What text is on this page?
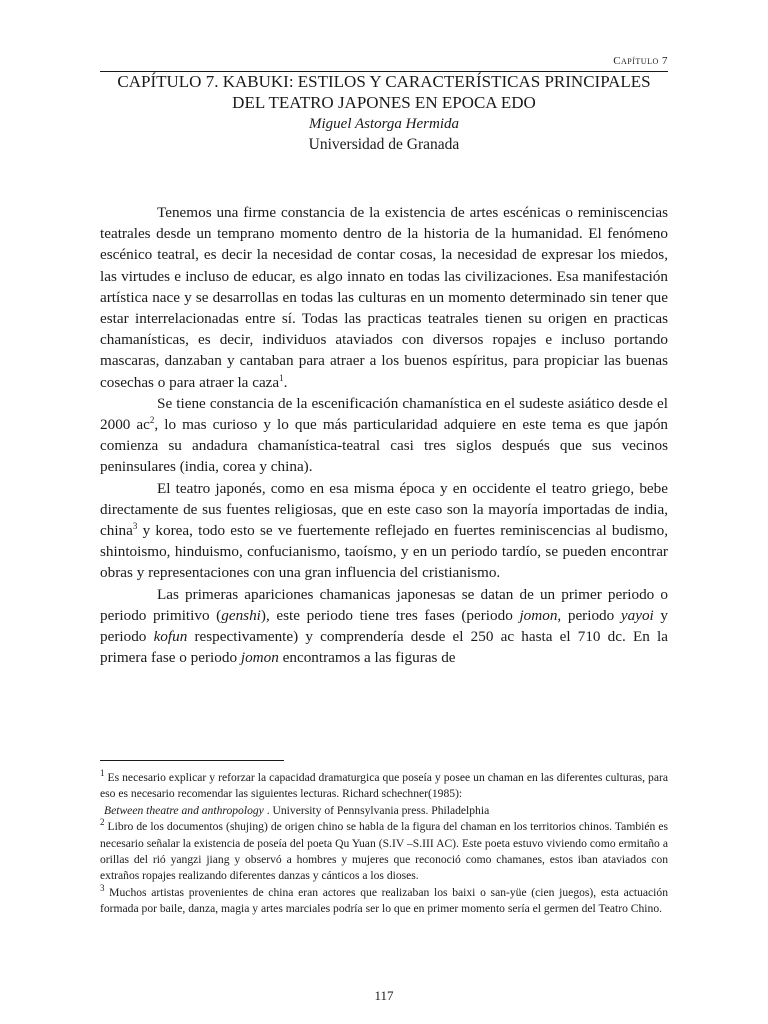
Capítulo 7
CAPÍTULO 7. KABUKI: ESTILOS Y CARACTERÍSTICAS PRINCIPALES
DEL TEATRO JAPONES EN EPOCA EDO
Miguel Astorga Hermida
Universidad de Granada

Tenemos una firme constancia de la existencia de artes escénicas o reminiscencias teatrales desde un temprano momento dentro de la historia de la humanidad. El fenómeno escénico teatral, es decir la necesidad de contar cosas, la necesidad de expresar los miedos, las virtudes e incluso de educar, es algo innato en todas las civilizaciones. Esa manifestación artística nace y se desarrollas en todas las culturas en un momento determinado sin tener que estar interrelacionadas entre sí. Todas las practicas teatrales tienen su origen en practicas chamanísticas, es decir, individuos ataviados con diversos ropajes e incluso portando mascaras, danzaban y cantaban para atraer a los buenos espíritus, para propiciar las buenas cosechas o para atraer la caza$^1$.

Se tiene constancia de la escenificación chamanística en el sudeste asiático desde el 2000 $ac^2$, lo mas curioso y lo que más particularidad adquiere en este tema es que japón comienza su andadura chamanística-teatral casi tres siglos después que sus vecinos peninsulares (india, corea y china).

El teatro japonés, como en esa misma época y en occidente el teatro griego, bebe directamente de sus fuentes religiosas, que en este caso son la mayoría importadas de india, china$^3$ y korea, todo esto se ve fuertemente reflejado en fuertes reminiscencias al budismo, shintoismo, hinduismo, confucianismo, taoísmo, y en un periodo tardío, se pueden encontrar obras y representaciones con una gran influencia del cristianismo.

Las primeras apariciones chamanicas japonesas se datan de un primer periodo o periodo primitivo (genshi), este periodo tiene tres fases (periodo jomon, periodo yayoi y periodo kofun respectivamente) y comprendería desde el 250 ac hasta el 710 dc. En la primera fase o periodo jomon encontramos a las figuras de

$^1$ Es necesario explicar y reforzar la capacidad dramaturgica que poseía y posee un chaman en las diferentes culturas, para eso es necesario recomendar las siguientes lecturas. Richard schechner(1985):

Between theatre and anthropology . University of Pennsylvania press. Philadelphia

$^2$ Libro de los documentos (shujing) de origen chino se habla de la figura del chaman en los territorios chinos. También es necesario señalar la existencia de poseía del poeta Qu Yuan (S.IV –S.III AC). Este poeta estuvo viviendo como ermitaño a orillas del rió yangzi jiang y observó a hombres y mujeres que reconoció como chamanes, estos iban ataviados con extraños ropajes realizando diferentes danzas y cánticos a los dioses.

$^3$ Muchos artistas provenientes de china eran actores que realizaban los baixi o san-yüe (cien juegos), esta actuación formada por baile, danza, magia y artes marciales podría ser lo que en primer momento sería el germen del Teatro Chino.

117
